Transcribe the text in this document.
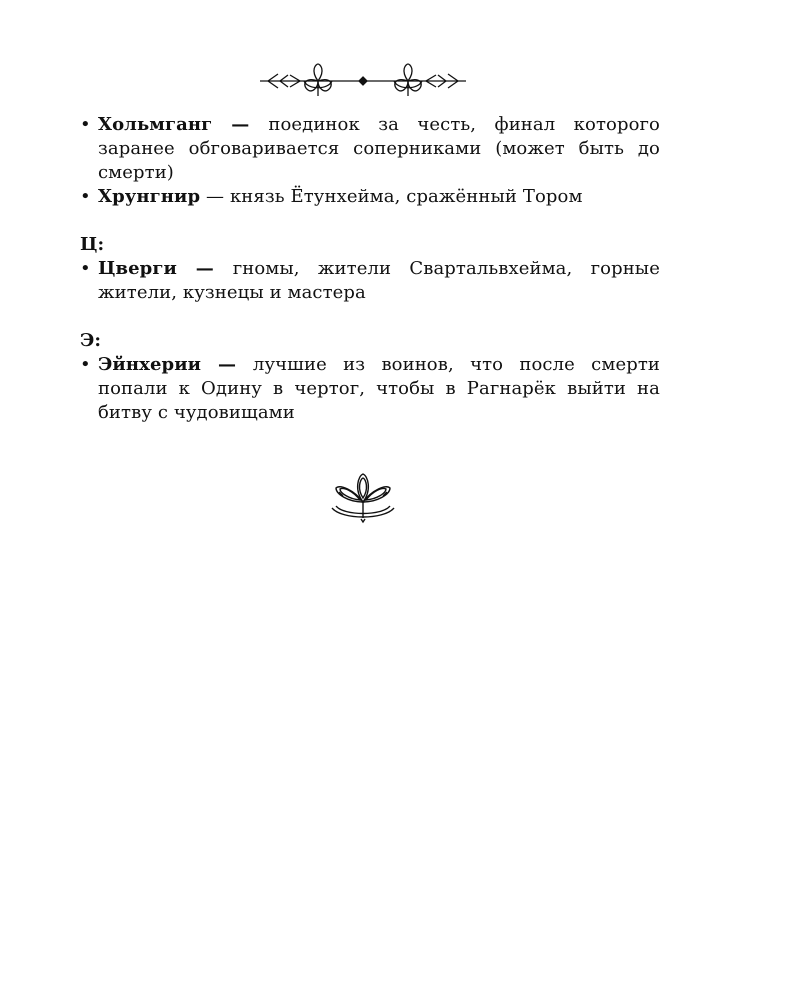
• Хольмганг — поединок за честь, финал которого заранее обговаривается соперниками (может быть до смерти)
• Хрунгнир — князь Ётунхейма, сражённый Тором

Ц:

• Цверги — гномы, жители Свартальвхейма, горные жители, кузнецы и мастера

Э:

• Эйнхерии — лучшие из воинов, что после смерти попали к Одину в чертог, чтобы в Рагнарёк выйти на битву с чудовищами
